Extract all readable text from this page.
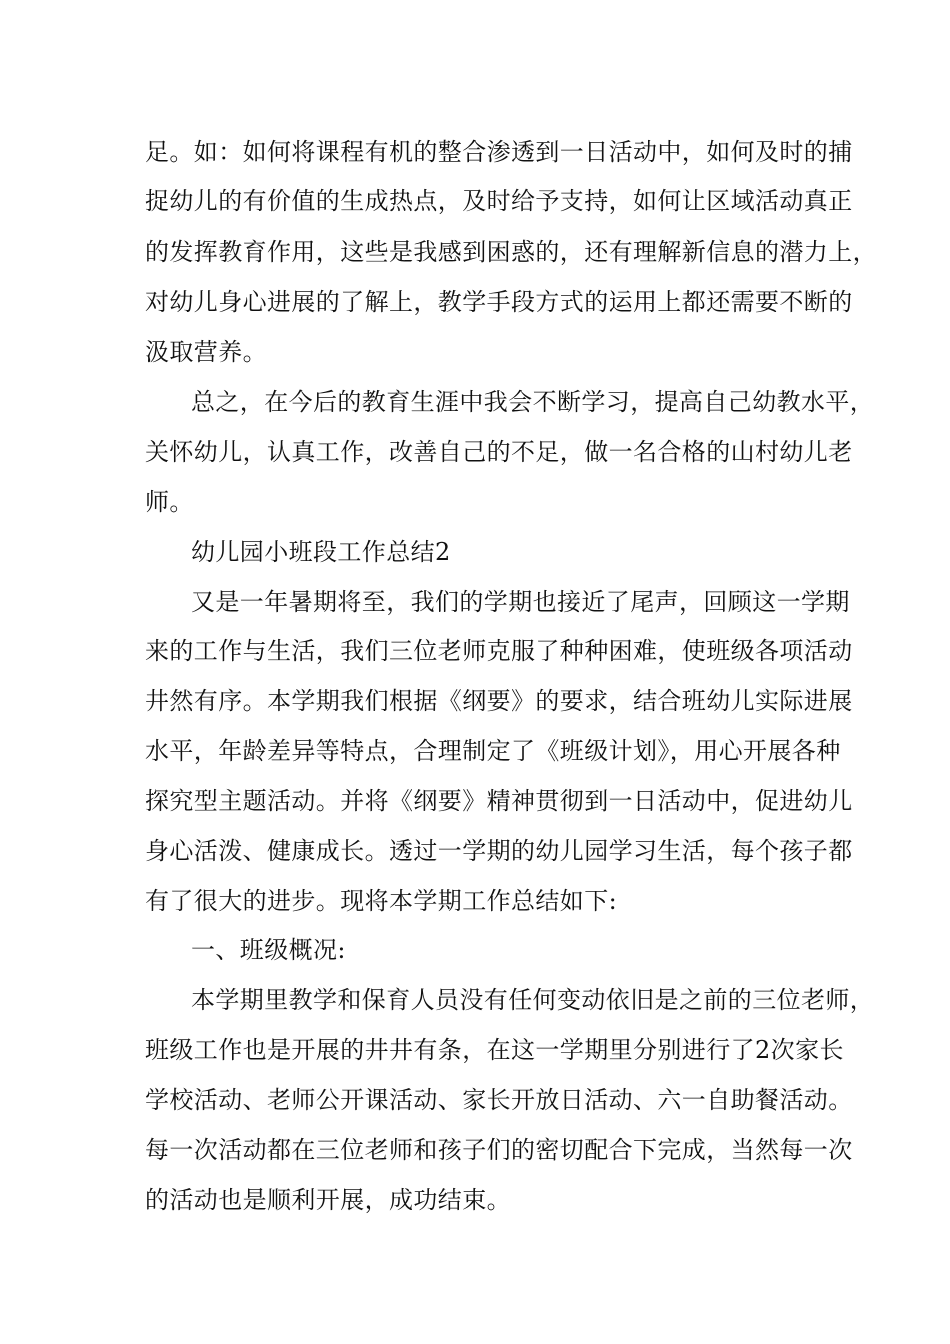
足。如：如何将课程有机的整合渗透到一日活动中，如何及时的捕
捉幼儿的有价值的生成热点，及时给予支持，如何让区域活动真正
的发挥教育作用，这些是我感到困惑的，还有理解新信息的潜力上，
对幼儿身心进展的了解上，教学手段方式的运用上都还需要不断的
汲取营养。
总之，在今后的教育生涯中我会不断学习，提高自己幼教水平，
关怀幼儿，认真工作，改善自己的不足，做一名合格的山村幼儿老
师。
幼儿园小班段工作总结2
又是一年暑期将至，我们的学期也接近了尾声，回顾这一学期
来的工作与生活，我们三位老师克服了种种困难，使班级各项活动
井然有序。本学期我们根据《纲要》的要求，结合班幼儿实际进展
水平，年龄差异等特点，合理制定了《班级计划》，用心开展各种
探究型主题活动。并将《纲要》精神贯彻到一日活动中，促进幼儿
身心活泼、健康成长。透过一学期的幼儿园学习生活，每个孩子都
有了很大的进步。现将本学期工作总结如下:
一、班级概况:
本学期里教学和保育人员没有任何变动依旧是之前的三位老师，
班级工作也是开展的井井有条，在这一学期里分别进行了2次家长
学校活动、老师公开课活动、家长开放日活动、六一自助餐活动。
每一次活动都在三位老师和孩子们的密切配合下完成，当然每一次
的活动也是顺利开展，成功结束。
